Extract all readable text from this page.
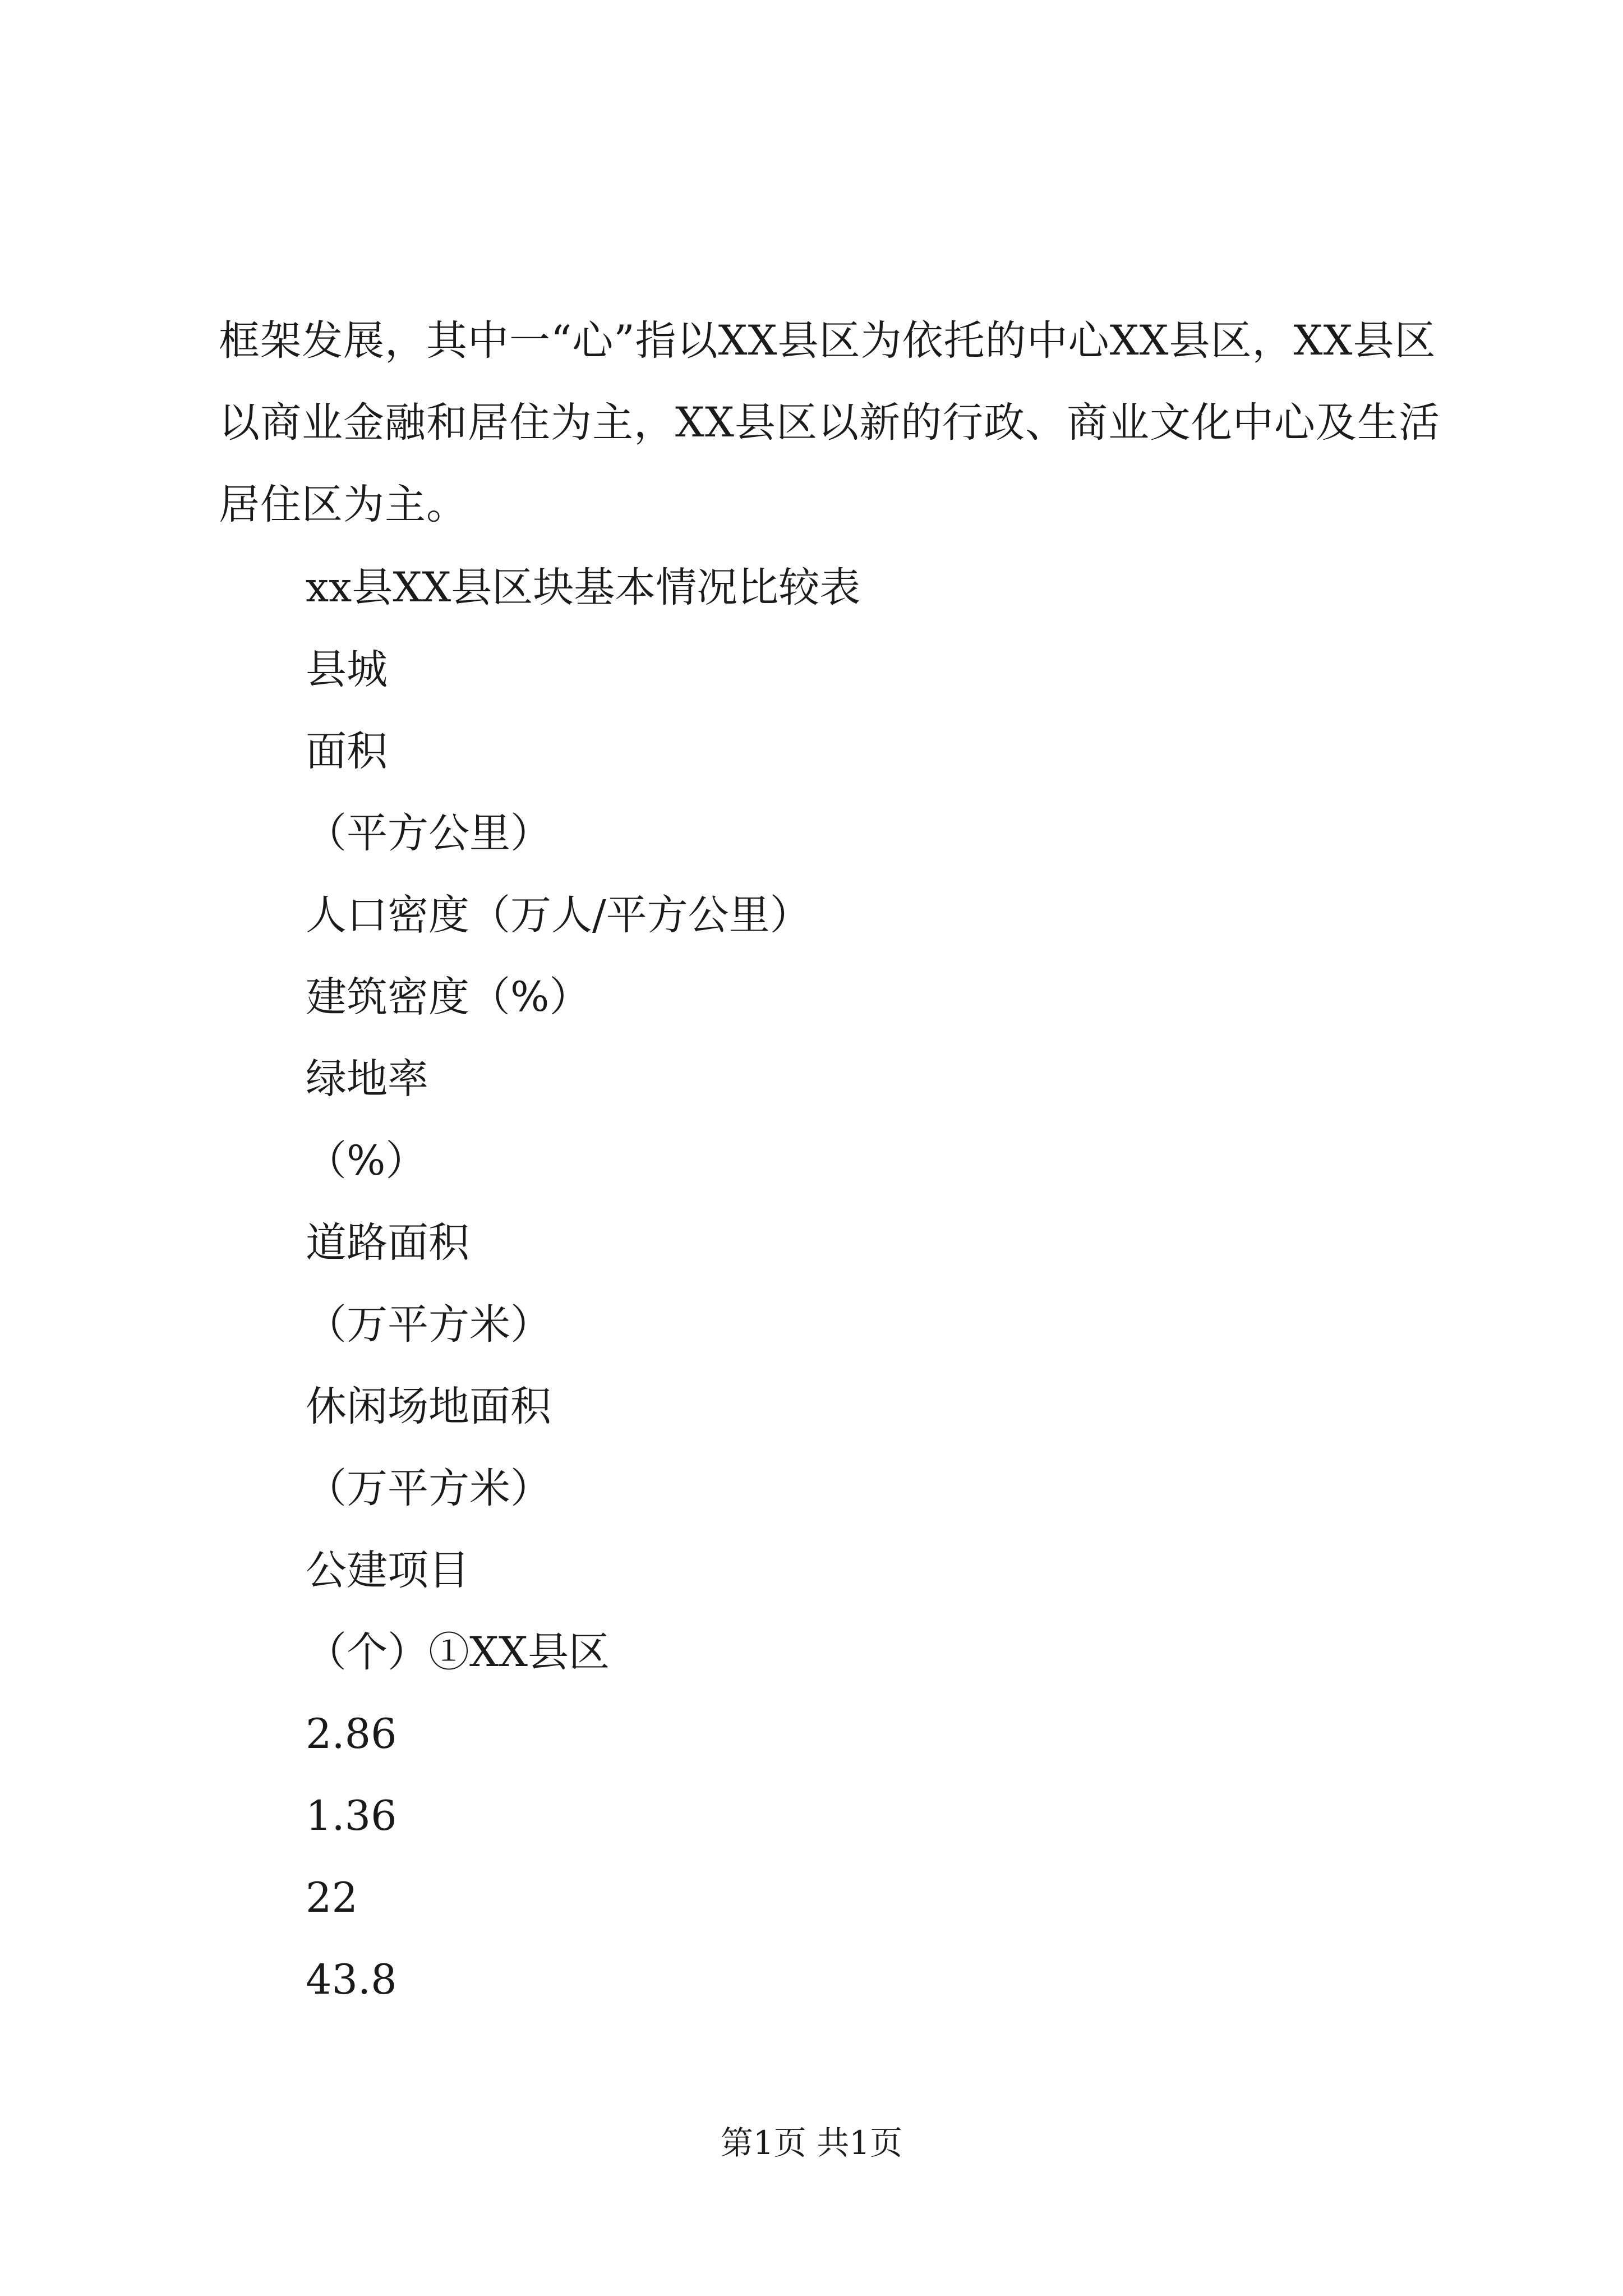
框架发展，其中一“心”指以XX县区为依托的中心XX县区，XX县区以商业金融和居住为主，XX县区以新的行政、商业文化中心及生活居住区为主。

xx县XX县区块基本情况比较表
县城
面积
（平方公里）
人口密度（万人/平方公里）
建筑密度（%）
绿地率
（%）
道路面积
（万平方米）
休闲场地面积
（万平方米）
公建项目
（个）①XX县区
2.86
1.36
22
43.8
第1页 共1页
